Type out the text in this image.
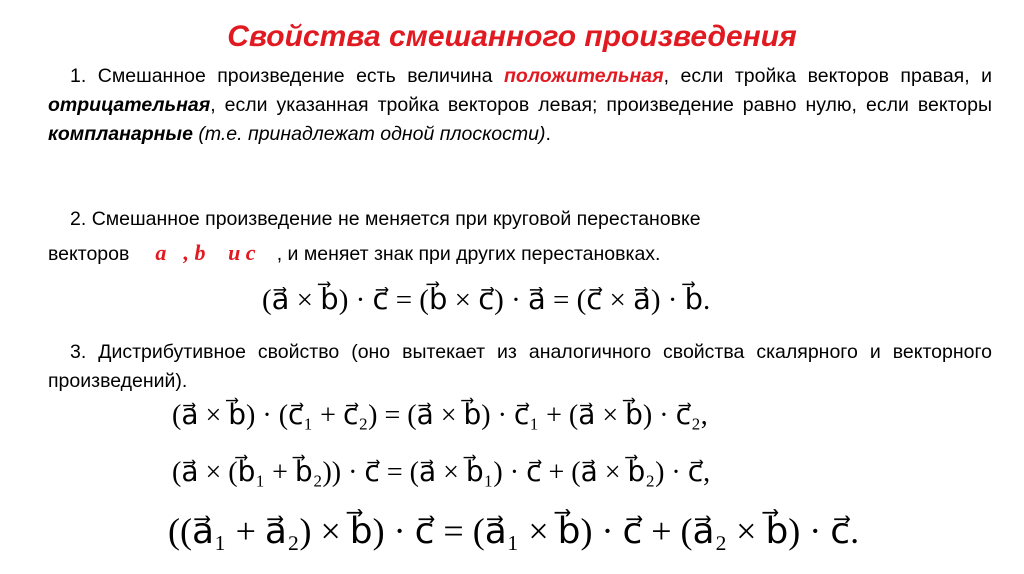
Свойства смешанного произведения
1. Смешанное произведение есть величина положительная, если тройка векторов правая, и отрицательная, если указанная тройка векторов левая; произведение равно нулю, если векторы компланарные (т.е. принадлежат одной плоскости).
2. Смешанное произведение не меняется при круговой перестановке
векторов a⃗, b⃗ и c⃗ , и меняет знак при других перестановках.
(a⃗ × b⃗) · c⃗ = (b⃗ × c⃗) · a⃗ = (c⃗ × a⃗) · b⃗.
3. Дистрибутивное свойство (оно вытекает из аналогичного свойства скалярного и векторного произведений).
(a⃗ × b⃗) · (c⃗₁ + c⃗₂) = (a⃗ × b⃗) · c⃗₁ + (a⃗ × b⃗) · c⃗₂,
(a⃗ × (b⃗₁ + b⃗₂)) · c⃗ = (a⃗ × b⃗₁) · c⃗ + (a⃗ × b⃗₂) · c⃗,
((a⃗₁ + a⃗₂) × b⃗) · c⃗ = (a⃗₁ × b⃗) · c⃗ + (a⃗₂ × b⃗) · c⃗.
